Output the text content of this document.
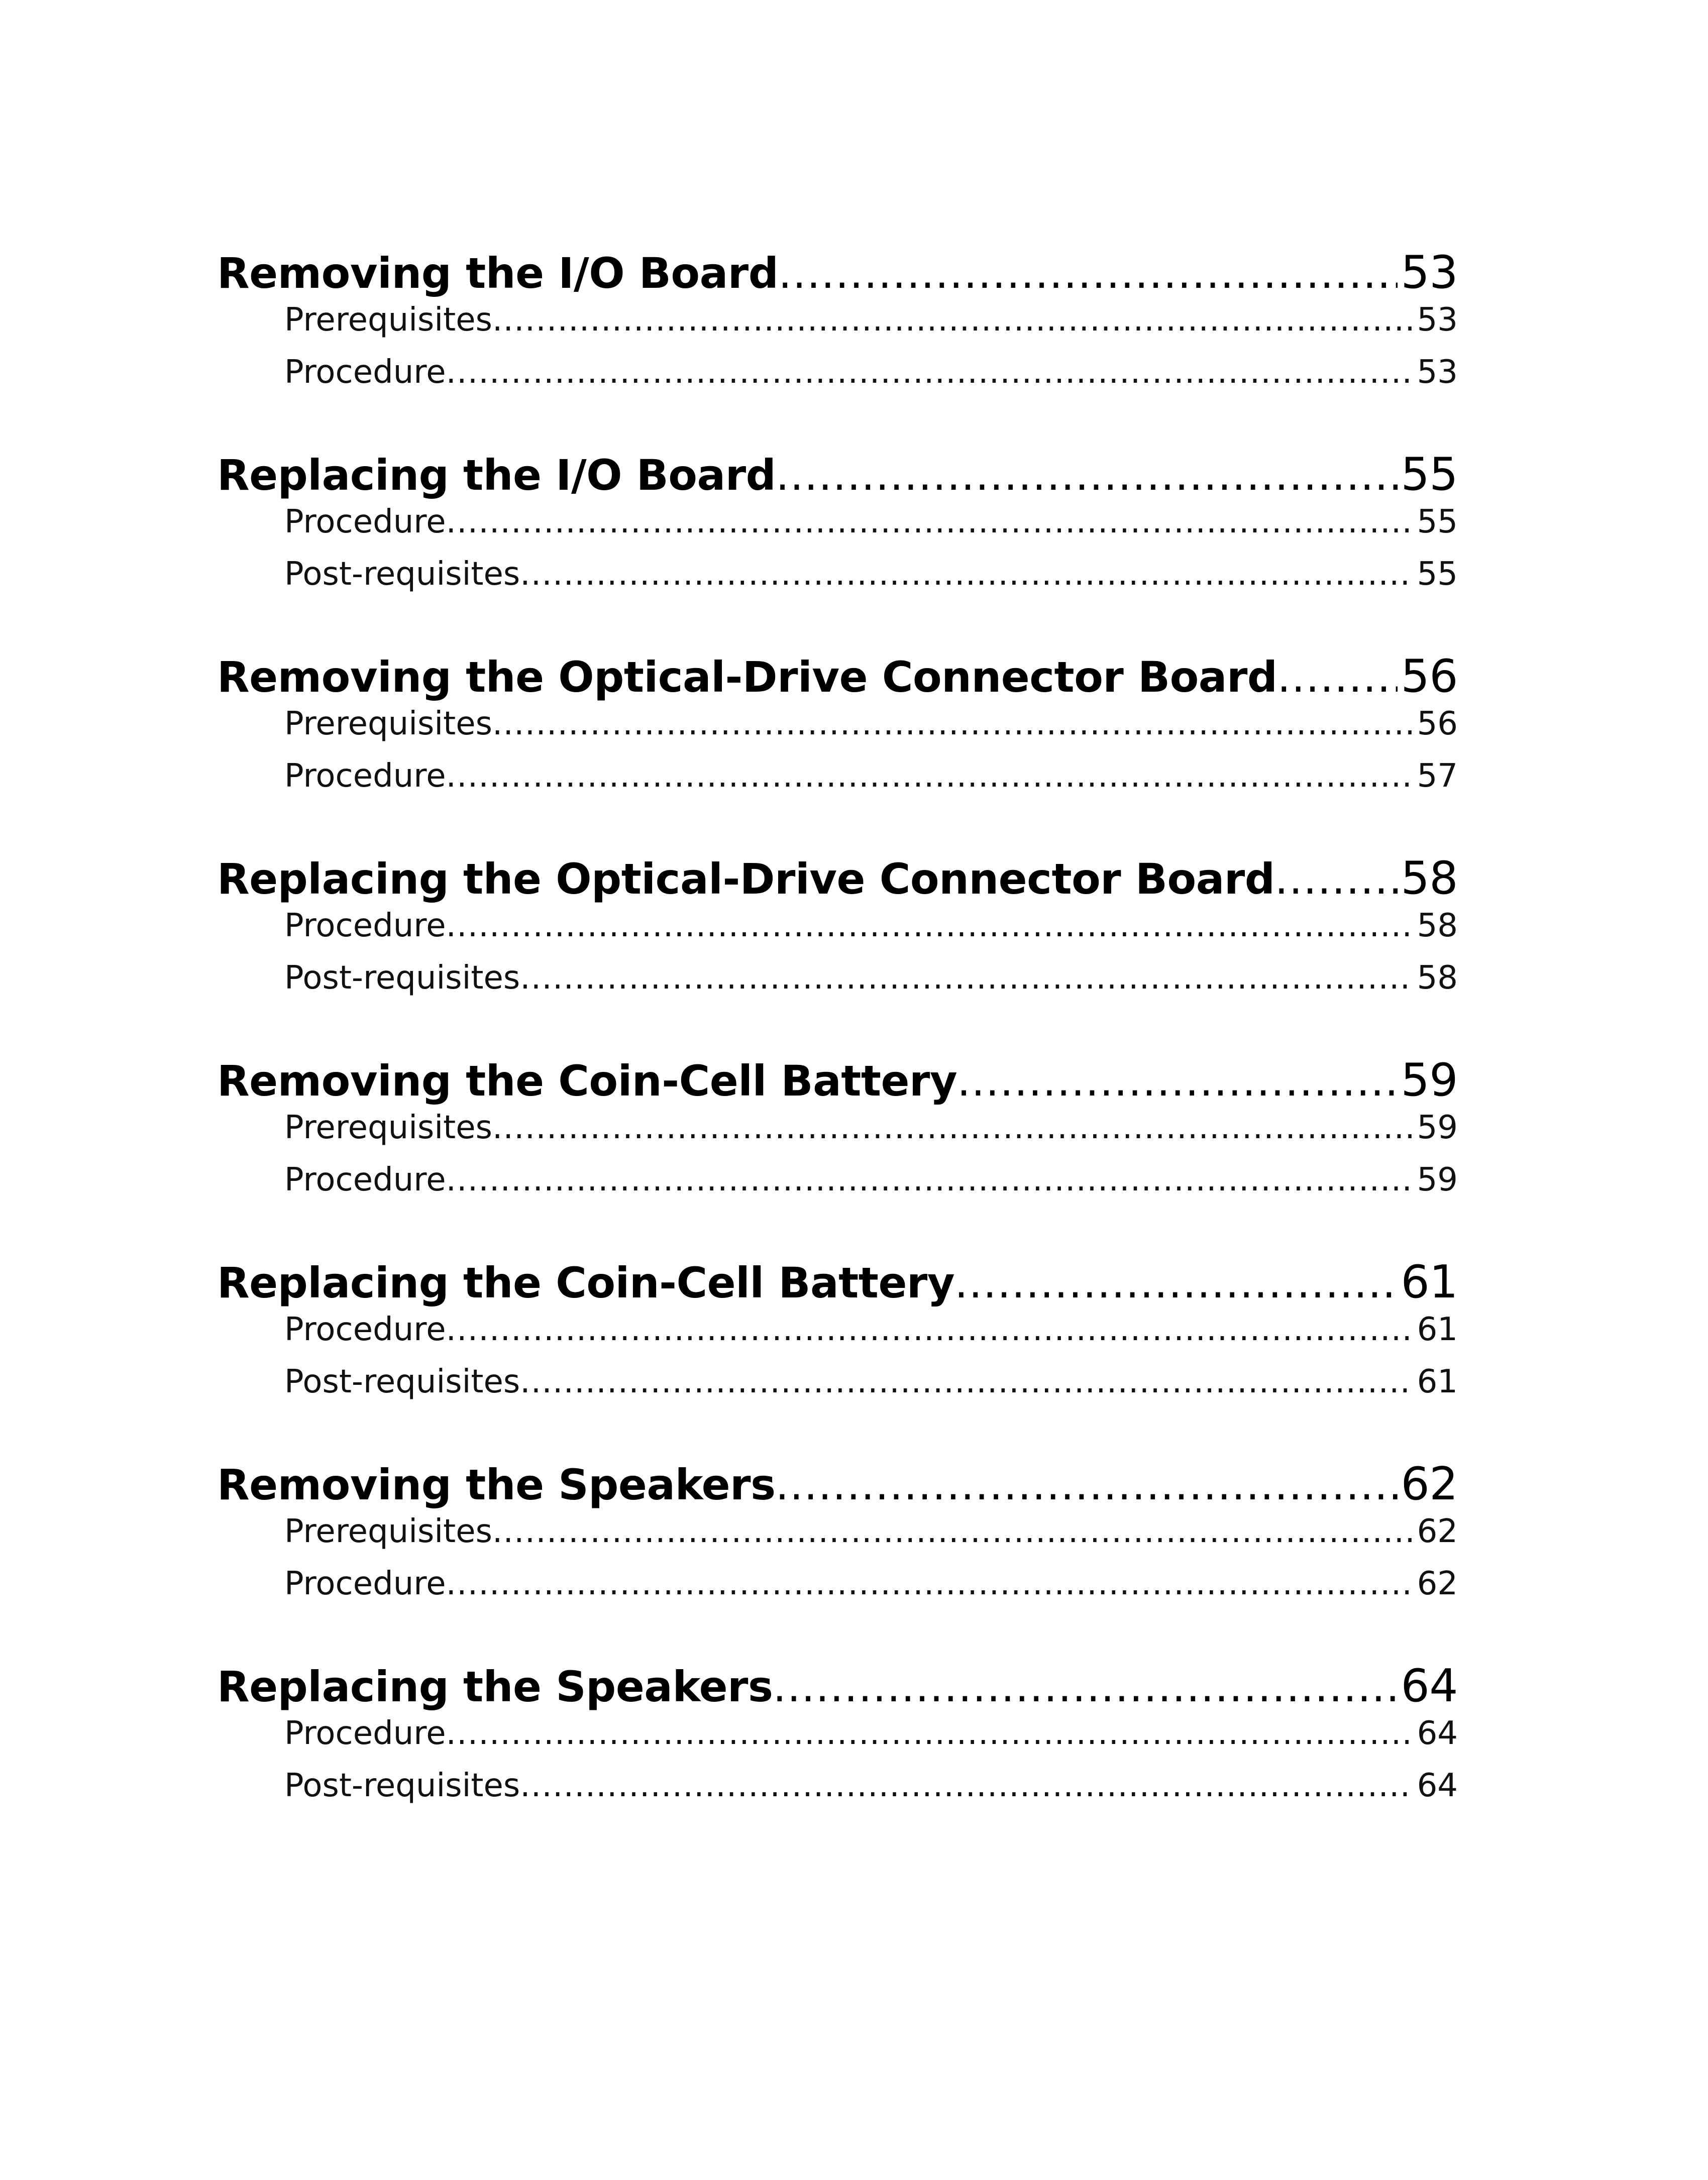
Removing the I/O Board .....	53
Prerequisites .....	53
Procedure .....	53
Replacing the I/O Board .....	55
Procedure .....	55
Post-requisites .....	55
Removing the Optical-Drive Connector Board .....	56
Prerequisites .....	56
Procedure .....	57
Replacing the Optical-Drive Connector Board .....	58
Procedure .....	58
Post-requisites .....	58
Removing the Coin-Cell Battery .....	59
Prerequisites .....	59
Procedure .....	59
Replacing the Coin-Cell Battery .....	61
Procedure .....	61
Post-requisites .....	61
Removing the Speakers .....	62
Prerequisites .....	62
Procedure .....	62
Replacing the Speakers .....	64
Procedure .....	64
Post-requisites .....	64
